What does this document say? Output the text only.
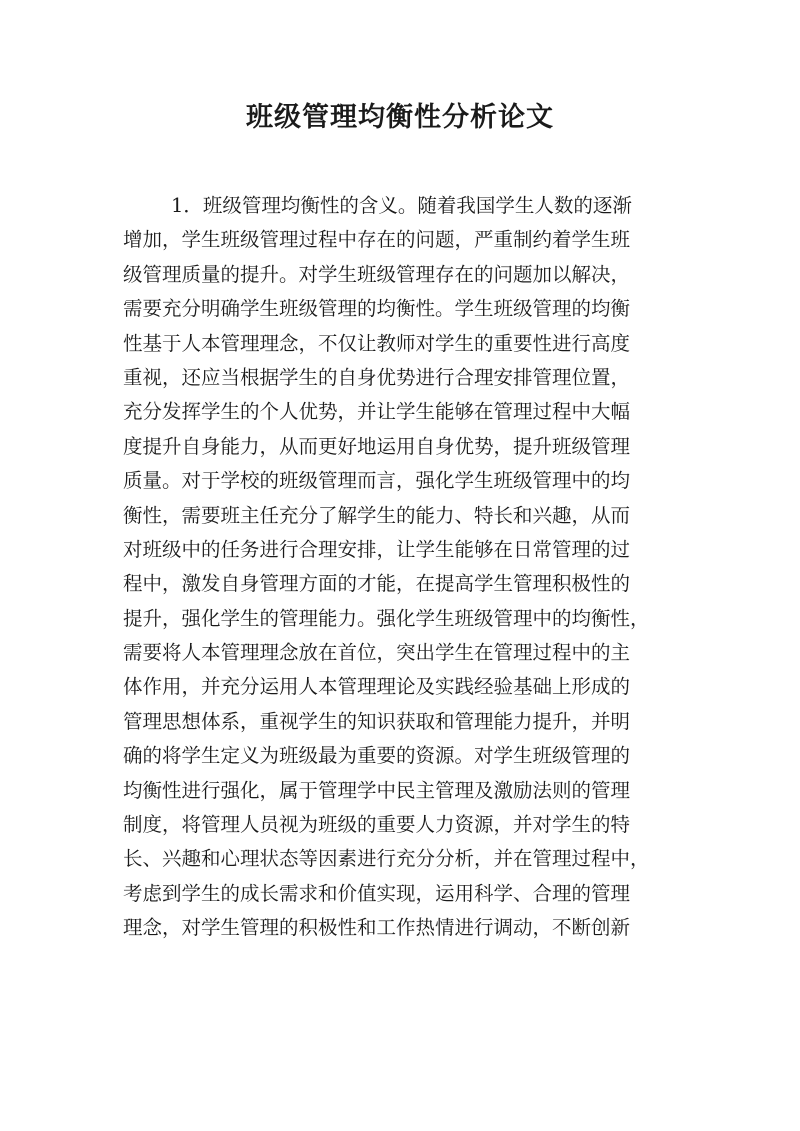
班级管理均衡性分析论文
1．班级管理均衡性的含义。随着我国学生人数的逐渐
增加，学生班级管理过程中存在的问题，严重制约着学生班
级管理质量的提升。对学生班级管理存在的问题加以解决，
需要充分明确学生班级管理的均衡性。学生班级管理的均衡
性基于人本管理理念，不仅让教师对学生的重要性进行高度
重视，还应当根据学生的自身优势进行合理安排管理位置，
充分发挥学生的个人优势，并让学生能够在管理过程中大幅
度提升自身能力，从而更好地运用自身优势，提升班级管理
质量。对于学校的班级管理而言，强化学生班级管理中的均
衡性，需要班主任充分了解学生的能力、特长和兴趣，从而
对班级中的任务进行合理安排，让学生能够在日常管理的过
程中，激发自身管理方面的才能，在提高学生管理积极性的
提升，强化学生的管理能力。强化学生班级管理中的均衡性，
需要将人本管理理念放在首位，突出学生在管理过程中的主
体作用，并充分运用人本管理理论及实践经验基础上形成的
管理思想体系，重视学生的知识获取和管理能力提升，并明
确的将学生定义为班级最为重要的资源。对学生班级管理的
均衡性进行强化，属于管理学中民主管理及激励法则的管理
制度，将管理人员视为班级的重要人力资源，并对学生的特
长、兴趣和心理状态等因素进行充分分析，并在管理过程中，
考虑到学生的成长需求和价值实现，运用科学、合理的管理
理念，对学生管理的积极性和工作热情进行调动，不断创新
